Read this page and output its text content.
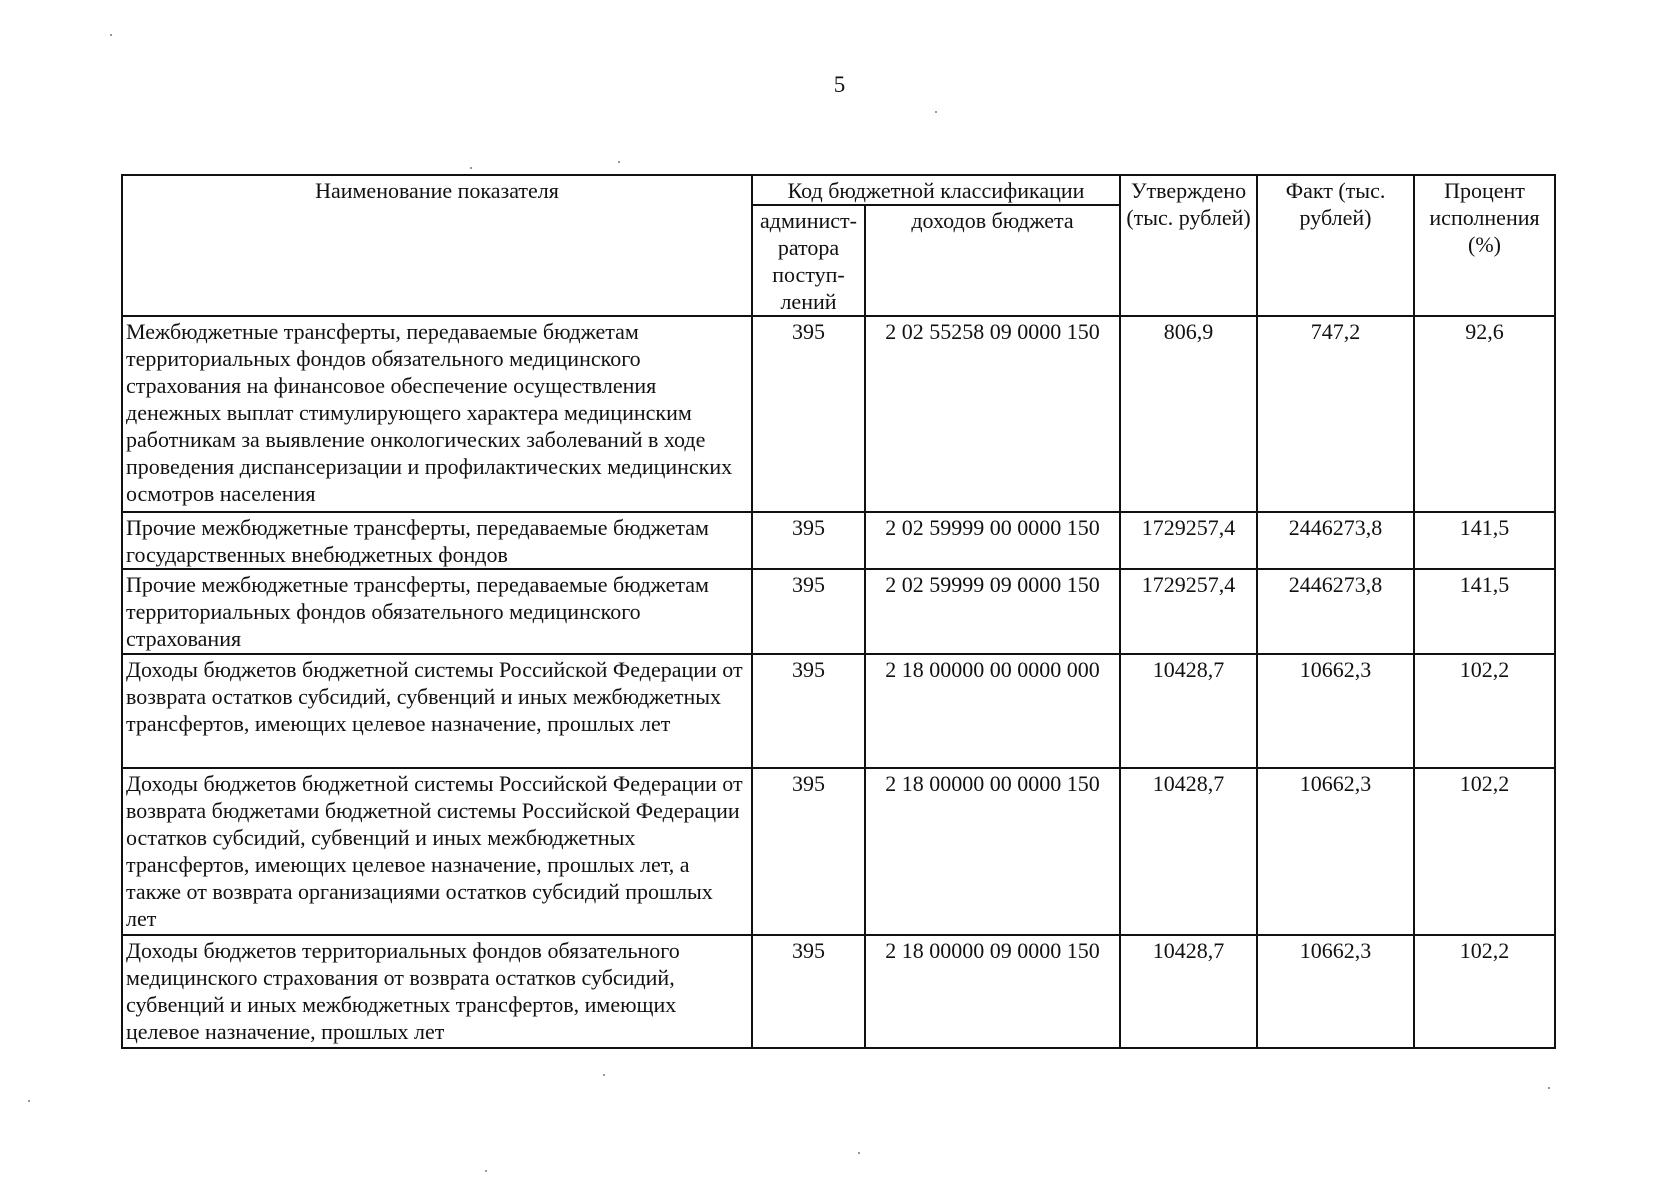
5
Наименование показателя	Код бюджетной классификации		Утверждено (тыс. рублей)	Факт (тыс. рублей)	Процент исполнения (%)
	админист-ратора поступ-лений	доходов бюджета			
Межбюджетные трансферты, передаваемые бюджетам территориальных фондов обязательного медицинского страхования на финансовое обеспечение осуществления денежных выплат стимулирующего характера медицинским работникам за выявление онкологических заболеваний в ходе проведения диспансеризации и профилактических медицинских осмотров населения	395	2 02 55258 09 0000 150	806,9	747,2	92,6
Прочие межбюджетные трансферты, передаваемые бюджетам государственных внебюджетных фондов	395	2 02 59999 00 0000 150	1729257,4	2446273,8	141,5
Прочие межбюджетные трансферты, передаваемые бюджетам территориальных фондов обязательного медицинского страхования	395	2 02 59999 09 0000 150	1729257,4	2446273,8	141,5
Доходы бюджетов бюджетной системы Российской Федерации от возврата остатков субсидий, субвенций и иных межбюджетных трансфертов, имеющих целевое назначение, прошлых лет	395	2 18 00000 00 0000 000	10428,7	10662,3	102,2
Доходы бюджетов бюджетной системы Российской Федерации от возврата бюджетами бюджетной системы Российской Федерации остатков субсидий, субвенций и иных межбюджетных трансфертов, имеющих целевое назначение, прошлых лет, а также от возврата организациями остатков субсидий прошлых лет	395	2 18 00000 00 0000 150	10428,7	10662,3	102,2
Доходы бюджетов территориальных фондов обязательного медицинского страхования от возврата остатков субсидий, субвенций и иных межбюджетных трансфертов, имеющих целевое назначение, прошлых лет	395	2 18 00000 09 0000 150	10428,7	10662,3	102,2
